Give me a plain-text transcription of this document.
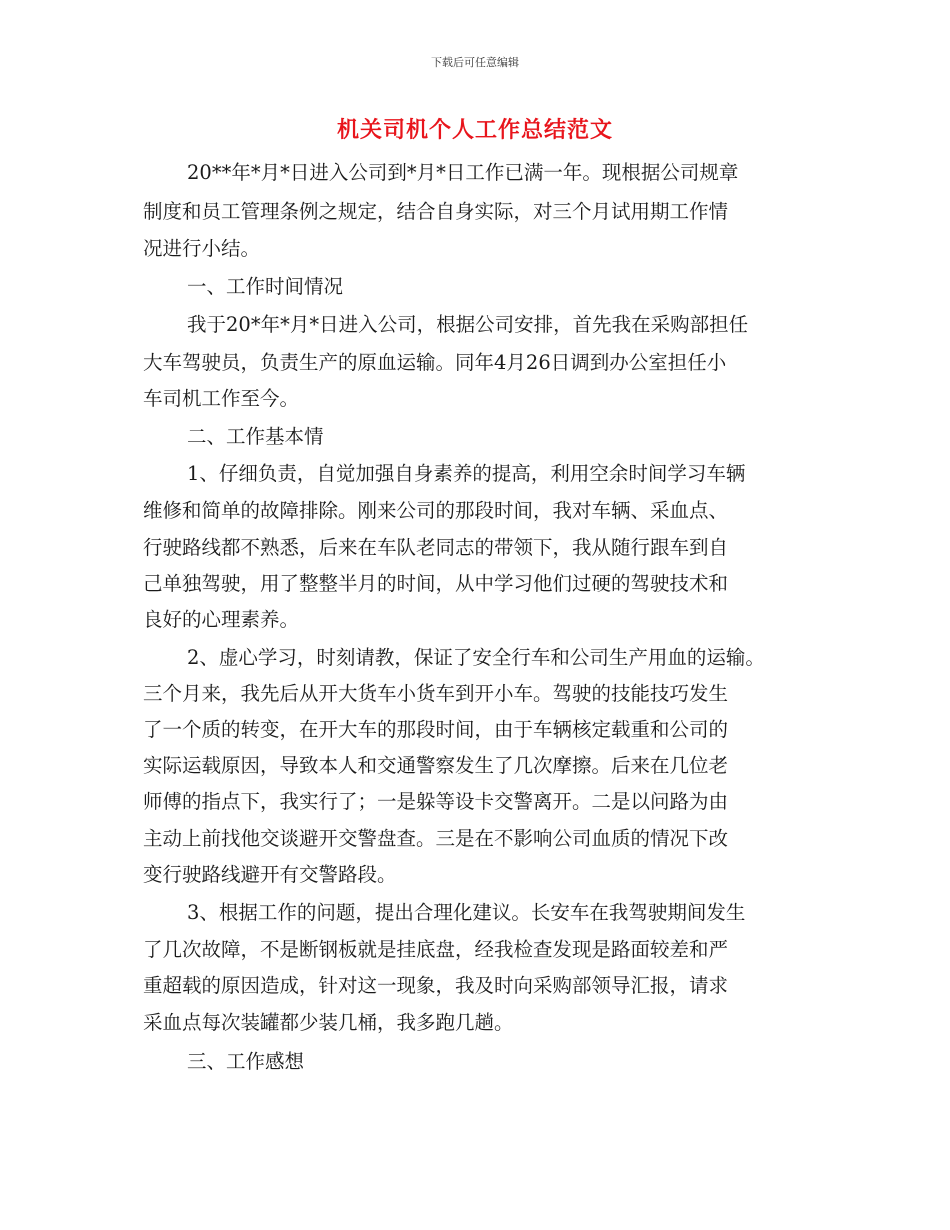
下载后可任意编辑
机关司机个人工作总结范文
20**年*月*日进入公司到*月*日工作已满一年。现根据公司规章
制度和员工管理条例之规定，结合自身实际，对三个月试用期工作情
况进行小结。
一、工作时间情况
我于20*年*月*日进入公司，根据公司安排，首先我在采购部担任
大车驾驶员，负责生产的原血运输。同年4月26日调到办公室担任小
车司机工作至今。
二、工作基本情
1、仔细负责，自觉加强自身素养的提高，利用空余时间学习车辆
维修和简单的故障排除。刚来公司的那段时间，我对车辆、采血点、
行驶路线都不熟悉，后来在车队老同志的带领下，我从随行跟车到自
己单独驾驶，用了整整半月的时间，从中学习他们过硬的驾驶技术和
良好的心理素养。
2、虚心学习，时刻请教，保证了安全行车和公司生产用血的运输。
三个月来，我先后从开大货车小货车到开小车。驾驶的技能技巧发生
了一个质的转变，在开大车的那段时间，由于车辆核定载重和公司的
实际运载原因，导致本人和交通警察发生了几次摩擦。后来在几位老
师傅的指点下，我实行了；一是躲等设卡交警离开。二是以问路为由
主动上前找他交谈避开交警盘查。三是在不影响公司血质的情况下改
变行驶路线避开有交警路段。
3、根据工作的问题，提出合理化建议。长安车在我驾驶期间发生
了几次故障，不是断钢板就是挂底盘，经我检查发现是路面较差和严
重超载的原因造成，针对这一现象，我及时向采购部领导汇报，请求
采血点每次装罐都少装几桶，我多跑几趟。
三、工作感想
